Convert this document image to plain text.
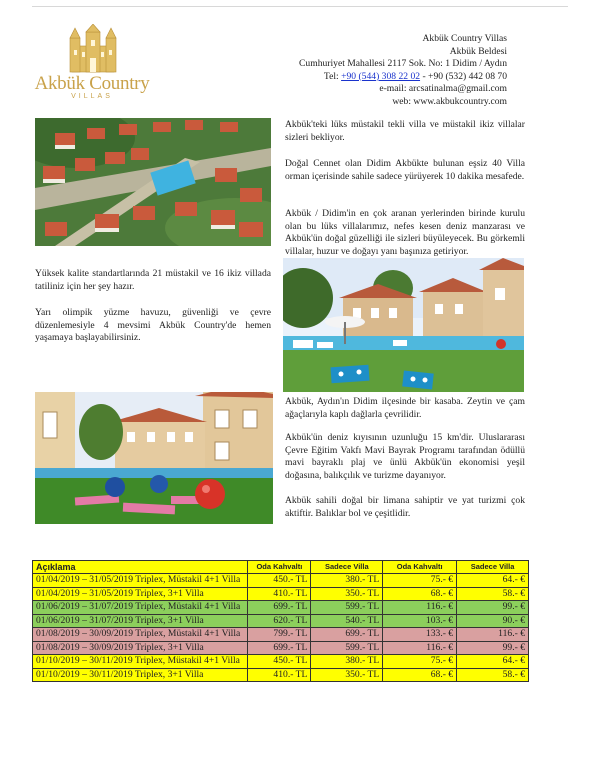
Akbük Country
VILLAS
Akbük Country Villas
Akbük Beldesi
Cumhuriyet Mahallesi 2117 Sok. No: 1 Didim / Aydın
Tel: +90 (544) 308 22 02 - +90 (532) 442 08 70
e-mail: arcsatinalma@gmail.com
web: www.akbukcountry.com

Akbük'teki lüks müstakil tekli villa ve müstakil ikiz villalar sizleri bekliyor.

Doğal Cennet olan Didim Akbükte bulunan eşsiz 40 Villa orman içerisinde sahile sadece yürüyerek 10 dakika mesafede.

Akbük / Didim'in en çok aranan yerlerinden birinde kurulu olan bu lüks villalarımız, nefes kesen deniz manzarası ve Akbük'ün doğal güzelliği ile sizleri büyüleyecek. Bu görkemli villalar, huzur ve doğayı yanı başınıza getiriyor.

Yüksek kalite standartlarında 21 müstakil ve 16 ikiz villada tatiliniz için her şey hazır.

Yarı olimpik yüzme havuzu, güvenliği ve çevre düzenlemesiyle 4 mevsimi Akbük Country'de hemen yaşamaya başlayabilirsiniz.

Akbük, Aydın'ın Didim ilçesinde bir kasaba. Zeytin ve çam ağaçlarıyla kaplı dağlarla çevrilidir.

Akbük'ün deniz kıyısının uzunluğu 15 km'dir. Uluslararası Çevre Eğitim Vakfı Mavi Bayrak Programı tarafından ödüllü mavi bayraklı plaj ve ünlü Akbük'ün ekonomisi yeşil doğasına, balıkçılık ve turizme dayanıyor.

Akbük sahili doğal bir limana sahiptir ve yat turizmi çok aktiftir. Balıklar bol ve çeşitlidir.

Açıklama	Oda Kahvaltı	Sadece Villa	Oda Kahvaltı	Sadece Villa
01/04/2019 – 31/05/2019 Triplex, Müstakil 4+1 Villa	450.- TL	380.- TL	75.- €	64.- €
01/04/2019 – 31/05/2019 Triplex, 3+1 Villa	410.- TL	350.- TL	68.- €	58.- €
01/06/2019 – 31/07/2019 Triplex, Müstakil 4+1 Villa	699.- TL	599.- TL	116.- €	99.- €
01/06/2019 – 31/07/2019 Triplex, 3+1 Villa	620.- TL	540.- TL	103.- €	90.- €
01/08/2019 – 30/09/2019 Triplex, Müstakil 4+1 Villa	799.- TL	699.- TL	133.- €	116.- €
01/08/2019 – 30/09/2019 Triplex, 3+1 Villa	699.- TL	599.- TL	116.- €	99.- €
01/10/2019 – 30/11/2019 Triplex, Müstakil 4+1 Villa	450.- TL	380.- TL	75.- €	64.- €
01/10/2019 – 30/11/2019 Triplex, 3+1 Villa	410.- TL	350.- TL	68.- €	58.- €
